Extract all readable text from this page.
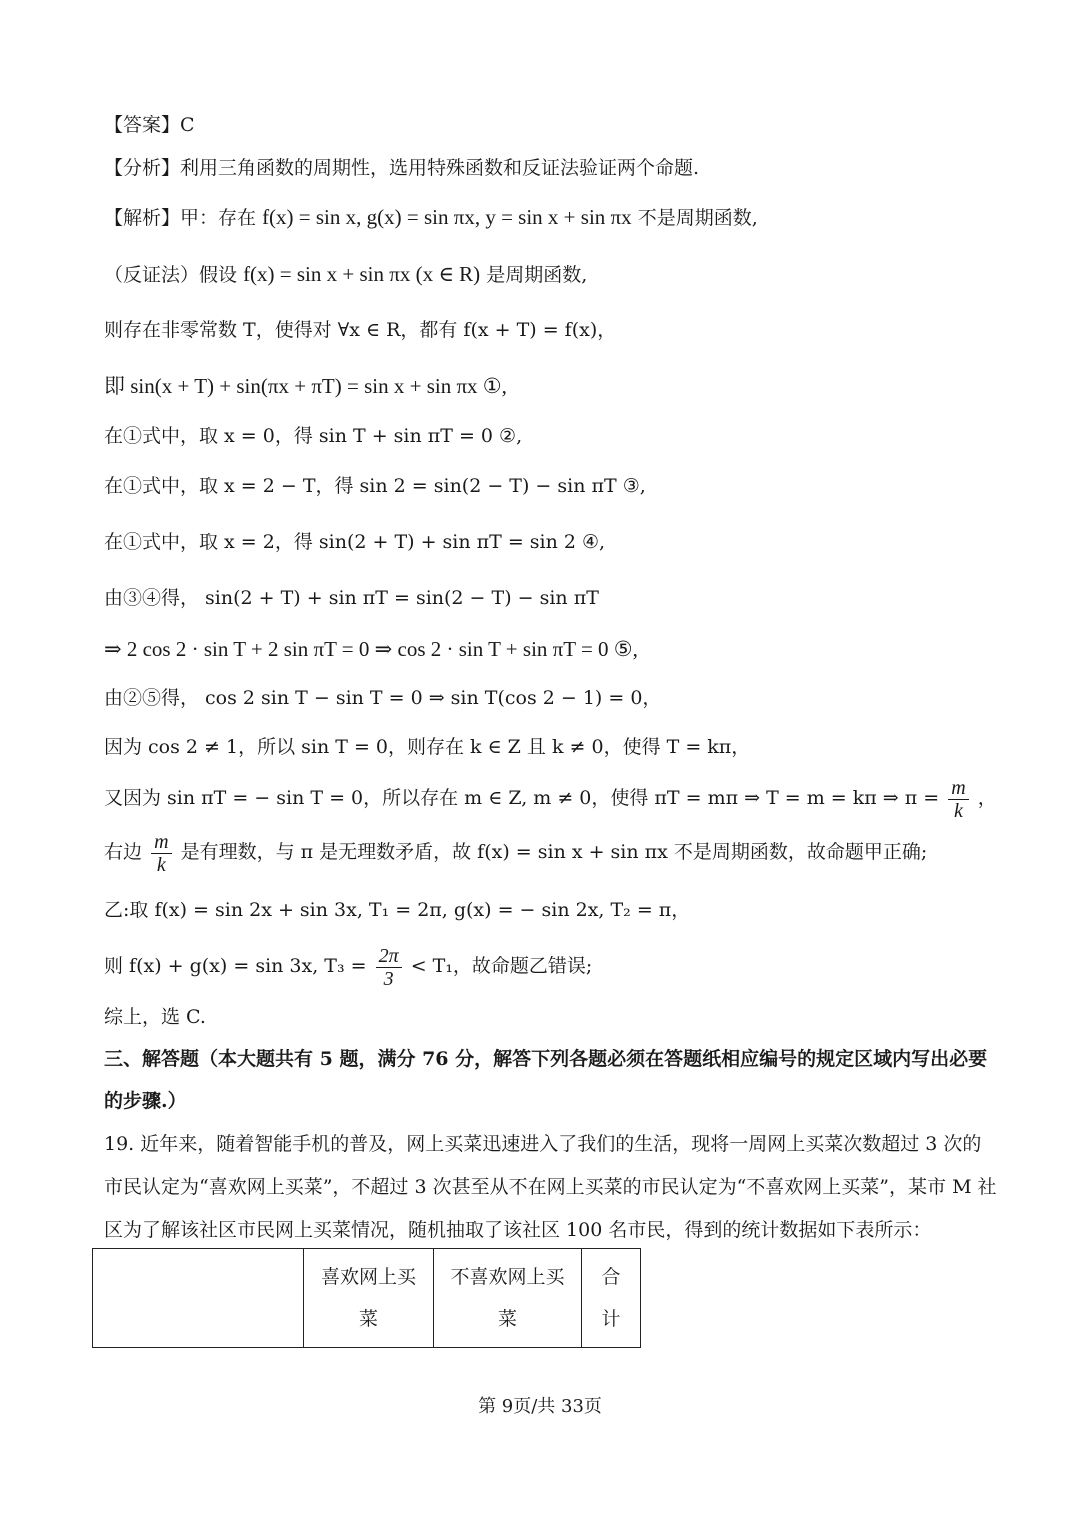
【答案】C
【分析】利用三角函数的周期性，选用特殊函数和反证法验证两个命题.
【解析】甲：存在 f(x) = sin x, g(x) = sin πx, y = sin x + sin πx 不是周期函数,
（反证法）假设 f(x) = sin x + sin πx (x ∈ R) 是周期函数,
则存在非零常数 T，使得对 ∀x ∈ R，都有 f(x + T) = f(x)，
即 sin(x + T) + sin(πx + πT) = sin x + sin πx ①,
在①式中，取 x = 0，得 sin T + sin πT = 0 ②,
在①式中，取 x = 2 − T，得 sin 2 = sin(2 − T) − sin πT ③,
在①式中，取 x = 2，得 sin(2 + T) + sin πT = sin 2 ④,
由③④得， sin(2 + T) + sin πT = sin(2 − T) − sin πT
⇒ 2 cos 2 · sin T + 2 sin πT = 0 ⇒ cos 2 · sin T + sin πT = 0 ⑤,
由②⑤得， cos 2 sin T − sin T = 0 ⇒ sin T(cos 2 − 1) = 0，
因为 cos 2 ≠ 1，所以 sin T = 0，则存在 k ∈ Z 且 k ≠ 0，使得 T = kπ，
又因为 sin πT = − sin T = 0，所以存在 m ∈ Z, m ≠ 0，使得 πT = mπ ⇒ T = m = kπ ⇒ $\pi = \frac{m}{k}$ ，
右边 $\frac{m}{k}$ 是有理数，与 π 是无理数矛盾，故 f(x) = sin x + sin πx 不是周期函数，故命题甲正确;
乙:取 f(x) = sin 2x + sin 3x, T₁ = 2π, g(x) = − sin 2x, T₂ = π，
则 f(x) + g(x) = sin 3x, $T_3 = \frac{2\pi}{3} < T_1$，故命题乙错误;
综上，选 C.
三、解答题（本大题共有 5 题，满分 76 分，解答下列各题必须在答题纸相应编号的规定区域内写出必要
的步骤.）
19. 近年来，随着智能手机的普及，网上买菜迅速进入了我们的生活，现将一周网上买菜次数超过 3 次的
市民认定为“喜欢网上买菜”，不超过 3 次甚至从不在网上买菜的市民认定为“不喜欢网上买菜”，某市 M 社
区为了解该社区市民网上买菜情况，随机抽取了该社区 100 名市民，得到的统计数据如下表所示：
	喜欢网上买
菜	不喜欢网上买
菜	合
计
第 9页/共 33页
